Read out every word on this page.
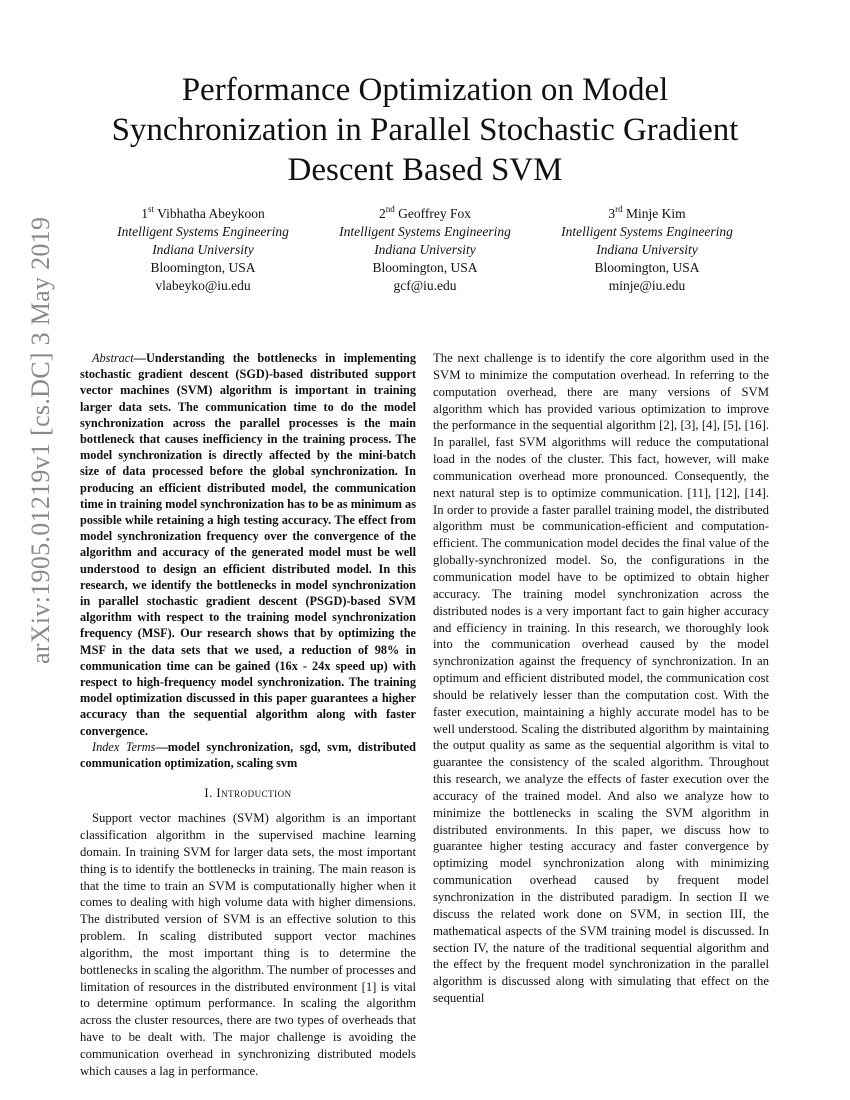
arXiv:1905.01219v1 [cs.DC] 3 May 2019
Performance Optimization on Model Synchronization in Parallel Stochastic Gradient Descent Based SVM
1st Vibhatha Abeykoon
Intelligent Systems Engineering
Indiana University
Bloomington, USA
vlabeyko@iu.edu
2nd Geoffrey Fox
Intelligent Systems Engineering
Indiana University
Bloomington, USA
gcf@iu.edu
3rd Minje Kim
Intelligent Systems Engineering
Indiana University
Bloomington, USA
minje@iu.edu

Abstract—Understanding the bottlenecks in implementing stochastic gradient descent (SGD)-based distributed support vector machines (SVM) algorithm is important in training larger data sets. The communication time to do the model synchronization across the parallel processes is the main bottleneck that causes inefficiency in the training process. The model synchronization is directly affected by the mini-batch size of data processed before the global synchronization. In producing an efficient distributed model, the communication time in training model synchronization has to be as minimum as possible while retaining a high testing accuracy. The effect from model synchronization frequency over the convergence of the algorithm and accuracy of the generated model must be well understood to design an efficient distributed model. In this research, we identify the bottlenecks in model synchronization in parallel stochastic gradient descent (PSGD)-based SVM algorithm with respect to the training model synchronization frequency (MSF). Our research shows that by optimizing the MSF in the data sets that we used, a reduction of 98% in communication time can be gained (16x - 24x speed up) with respect to high-frequency model synchronization. The training model optimization discussed in this paper guarantees a higher accuracy than the sequential algorithm along with faster convergence.

Index Terms—model synchronization, sgd, svm, distributed communication optimization, scaling svm

I. Introduction

Support vector machines (SVM) algorithm is an important classification algorithm in the supervised machine learning domain. In training SVM for larger data sets, the most important thing is to identify the bottlenecks in training. The main reason is that the time to train an SVM is computationally higher when it comes to dealing with high volume data with higher dimensions. The distributed version of SVM is an effective solution to this problem. In scaling distributed support vector machines algorithm, the most important thing is to determine the bottlenecks in scaling the algorithm. The number of processes and limitation of resources in the distributed environment [1] is vital to determine optimum performance. In scaling the algorithm across the cluster resources, there are two types of overheads that have to be dealt with. The major challenge is avoiding the communication overhead in synchronizing distributed models which causes a lag in performance.

The next challenge is to identify the core algorithm used in the SVM to minimize the computation overhead. In referring to the computation overhead, there are many versions of SVM algorithm which has provided various optimization to improve the performance in the sequential algorithm [2], [3], [4], [5], [16]. In parallel, fast SVM algorithms will reduce the computational load in the nodes of the cluster. This fact, however, will make communication overhead more pronounced. Consequently, the next natural step is to optimize communication. [11], [12], [14]. In order to provide a faster parallel training model, the distributed algorithm must be communication-efficient and computation-efficient. The communication model decides the final value of the globally-synchronized model. So, the configurations in the communication model have to be optimized to obtain higher accuracy. The training model synchronization across the distributed nodes is a very important fact to gain higher accuracy and efficiency in training. In this research, we thoroughly look into the communication overhead caused by the model synchronization against the frequency of synchronization. In an optimum and efficient distributed model, the communication cost should be relatively lesser than the computation cost. With the faster execution, maintaining a highly accurate model has to be well understood. Scaling the distributed algorithm by maintaining the output quality as same as the sequential algorithm is vital to guarantee the consistency of the scaled algorithm. Throughout this research, we analyze the effects of faster execution over the accuracy of the trained model. And also we analyze how to minimize the bottlenecks in scaling the SVM algorithm in distributed environments. In this paper, we discuss how to guarantee higher testing accuracy and faster convergence by optimizing model synchronization along with minimizing communication overhead caused by frequent model synchronization in the distributed paradigm. In section II we discuss the related work done on SVM, in section III, the mathematical aspects of the SVM training model is discussed. In section IV, the nature of the traditional sequential algorithm and the effect by the frequent model synchronization in the parallel algorithm is discussed along with simulating that effect on the sequential
